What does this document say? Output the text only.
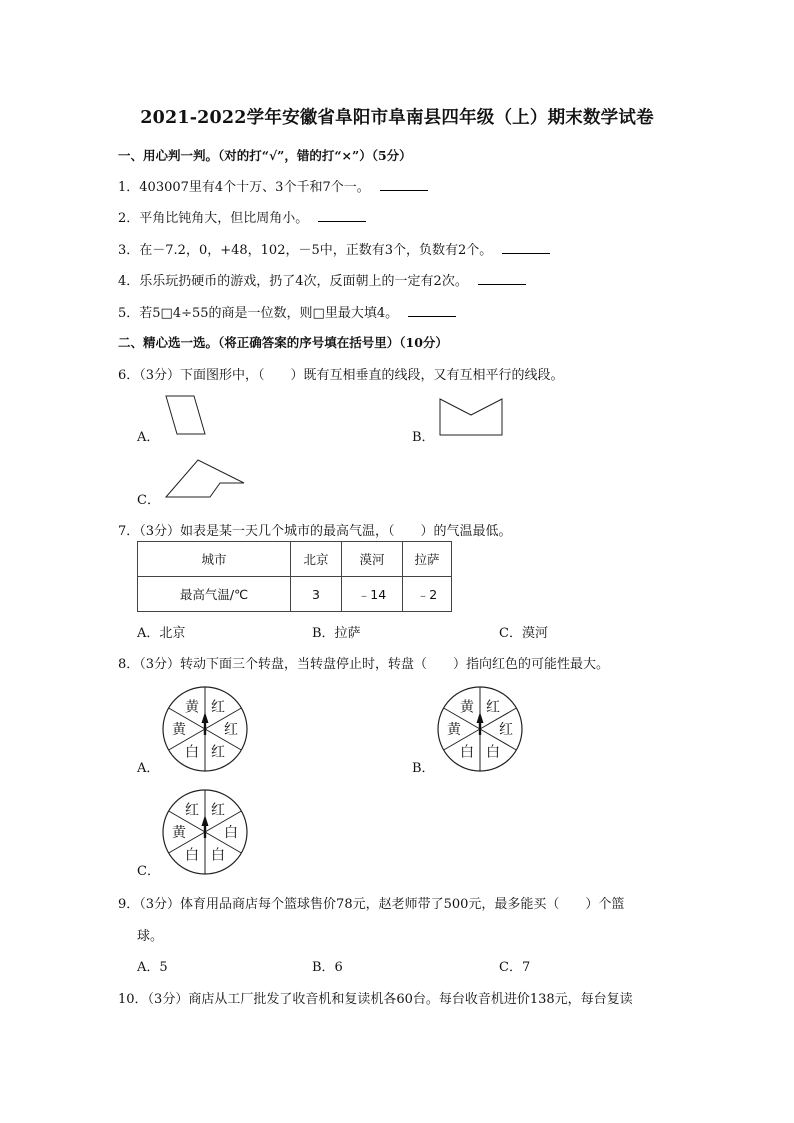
2021-2022学年安徽省阜阳市阜南县四年级（上）期末数学试卷
一、用心判一判。（对的打“√”，错的打“×”）（5分）
1．403007里有4个十万、3个千和7个一。
2．平角比钝角大，但比周角小。
3．在－7.2，0，+48，102，－5中，正数有3个，负数有2个。
4．乐乐玩扔硬币的游戏，扔了4次，反面朝上的一定有2次。
5．若5□4÷55的商是一位数，则□里最大填4。
二、精心选一选。（将正确答案的序号填在括号里）（10分）
6．（3分）下面图形中，（　　）既有互相垂直的线段，又有互相平行的线段。
A．	B．
C．
7．（3分）如表是某一天几个城市的最高气温，（　　）的气温最低。
城市	北京	漠河	拉萨
最高气温/℃	3	﹣14	﹣2
A．北京	B．拉萨	C．漠河
8．（3分）转动下面三个转盘，当转盘停止时，转盘（　　）指向红色的可能性最大。
A．
红
红
红
白
黄
黄
B．
红
红
白
白
黄
黄
C．
红
白
白
白
黄
红
9．（3分）体育用品商店每个篮球售价78元，赵老师带了500元，最多能买（　　）个篮
球。
A．5	B．6	C．7
10．（3分）商店从工厂批发了收音机和复读机各60台。每台收音机进价138元，每台复读
